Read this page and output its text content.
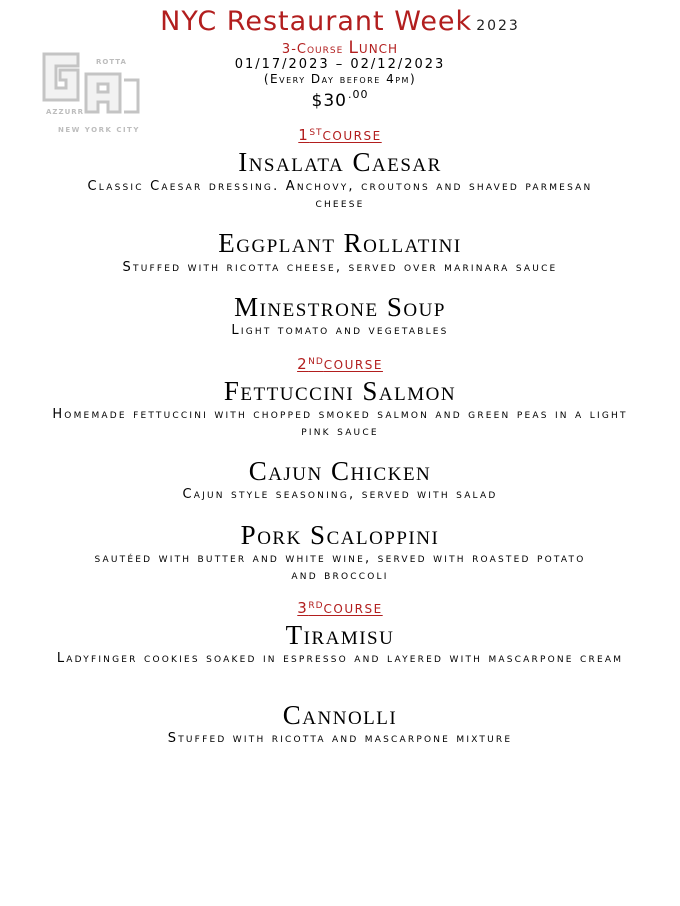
NYC Restaurant Week 2023
3-Course Lunch
01/17/2023 – 02/12/2023
(Every Day before 4pm)
$\$30^{.00}$
ROTTA
AZZURR
NEW YORK CITY	1STCOURSE
Insalata Caesar
Classic Caesar dressing. Anchovy, croutons and shaved parmesan cheese
Eggplant Rollatini
Stuffed with ricotta cheese, served over marinara sauce
Minestrone Soup
Light tomato and vegetables
2NDCOURSE
Fettuccini Salmon
Homemade fettuccini with chopped smoked salmon and green peas in a light pink sauce
Cajun Chicken
Cajun style seasoning, served with salad
Pork Scaloppini
sautéed with butter and white wine, served with roasted potato and broccoli
3RDCOURSE
Tiramisu
Ladyfinger cookies soaked in espresso and layered with mascarpone cream
Cannolli
Stuffed with ricotta and mascarpone mixture
